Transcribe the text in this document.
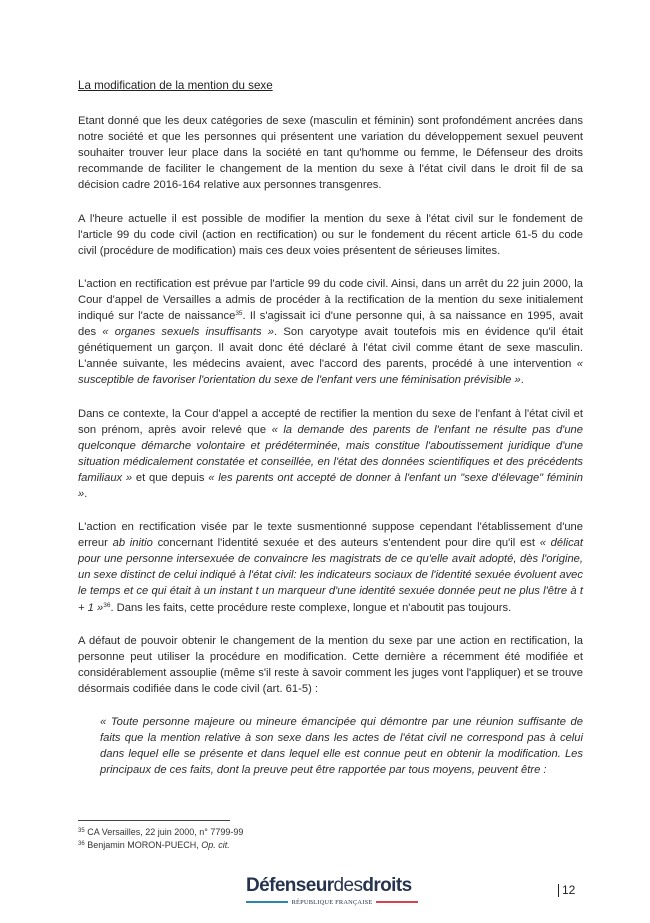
La modification de la mention du sexe

Etant donné que les deux catégories de sexe (masculin et féminin) sont profondément ancrées dans notre société et que les personnes qui présentent une variation du développement sexuel peuvent souhaiter trouver leur place dans la société en tant qu'homme ou femme, le Défenseur des droits recommande de faciliter le changement de la mention du sexe à l'état civil dans le droit fil de sa décision cadre 2016-164 relative aux personnes transgenres.

A l'heure actuelle il est possible de modifier la mention du sexe à l'état civil sur le fondement de l'article 99 du code civil (action en rectification) ou sur le fondement du récent article 61-5 du code civil (procédure de modification) mais ces deux voies présentent de sérieuses limites.

L'action en rectification est prévue par l'article 99 du code civil. Ainsi, dans un arrêt du 22 juin 2000, la Cour d'appel de Versailles a admis de procéder à la rectification de la mention du sexe initialement indiqué sur l'acte de naissance$^{35}$. Il s'agissait ici d'une personne qui, à sa naissance en 1995, avait des « organes sexuels insuffisants ». Son caryotype avait toutefois mis en évidence qu'il était génétiquement un garçon. Il avait donc été déclaré à l'état civil comme étant de sexe masculin. L'année suivante, les médecins avaient, avec l'accord des parents, procédé à une intervention « susceptible de favoriser l'orientation du sexe de l'enfant vers une féminisation prévisible ».

Dans ce contexte, la Cour d'appel a accepté de rectifier la mention du sexe de l'enfant à l'état civil et son prénom, après avoir relevé que « la demande des parents de l'enfant ne résulte pas d'une quelconque démarche volontaire et prédéterminée, mais constitue l'aboutissement juridique d'une situation médicalement constatée et conseillée, en l'état des données scientifiques et des précédents familiaux » et que depuis « les parents ont accepté de donner à l'enfant un "sexe d'élevage" féminin ».

L'action en rectification visée par le texte susmentionné suppose cependant l'établissement d'une erreur ab initio concernant l'identité sexuée et des auteurs s'entendent pour dire qu'il est « délicat pour une personne intersexuée de convaincre les magistrats de ce qu'elle avait adopté, dès l'origine, un sexe distinct de celui indiqué à l'état civil: les indicateurs sociaux de l'identité sexuée évoluent avec le temps et ce qui était à un instant t un marqueur d'une identité sexuée donnée peut ne plus l'être à t + 1 »$^{36}$. Dans les faits, cette procédure reste complexe, longue et n'aboutit pas toujours.

A défaut de pouvoir obtenir le changement de la mention du sexe par une action en rectification, la personne peut utiliser la procédure en modification. Cette dernière a récemment été modifiée et considérablement assouplie (même s'il reste à savoir comment les juges vont l'appliquer) et se trouve désormais codifiée dans le code civil (art. 61-5) :

« Toute personne majeure ou mineure émancipée qui démontre par une réunion suffisante de faits que la mention relative à son sexe dans les actes de l'état civil ne correspond pas à celui dans lequel elle se présente et dans lequel elle est connue peut en obtenir la modification. Les principaux de ces faits, dont la preuve peut être rapportée par tous moyens, peuvent être :

$^{35}$ CA Versailles, 22 juin 2000, n° 7799-99
$^{36}$ Benjamin MORON-PUECH, Op. cit.
Défenseurdesdroits
RÉPUBLIQUE FRANÇAISE
12
